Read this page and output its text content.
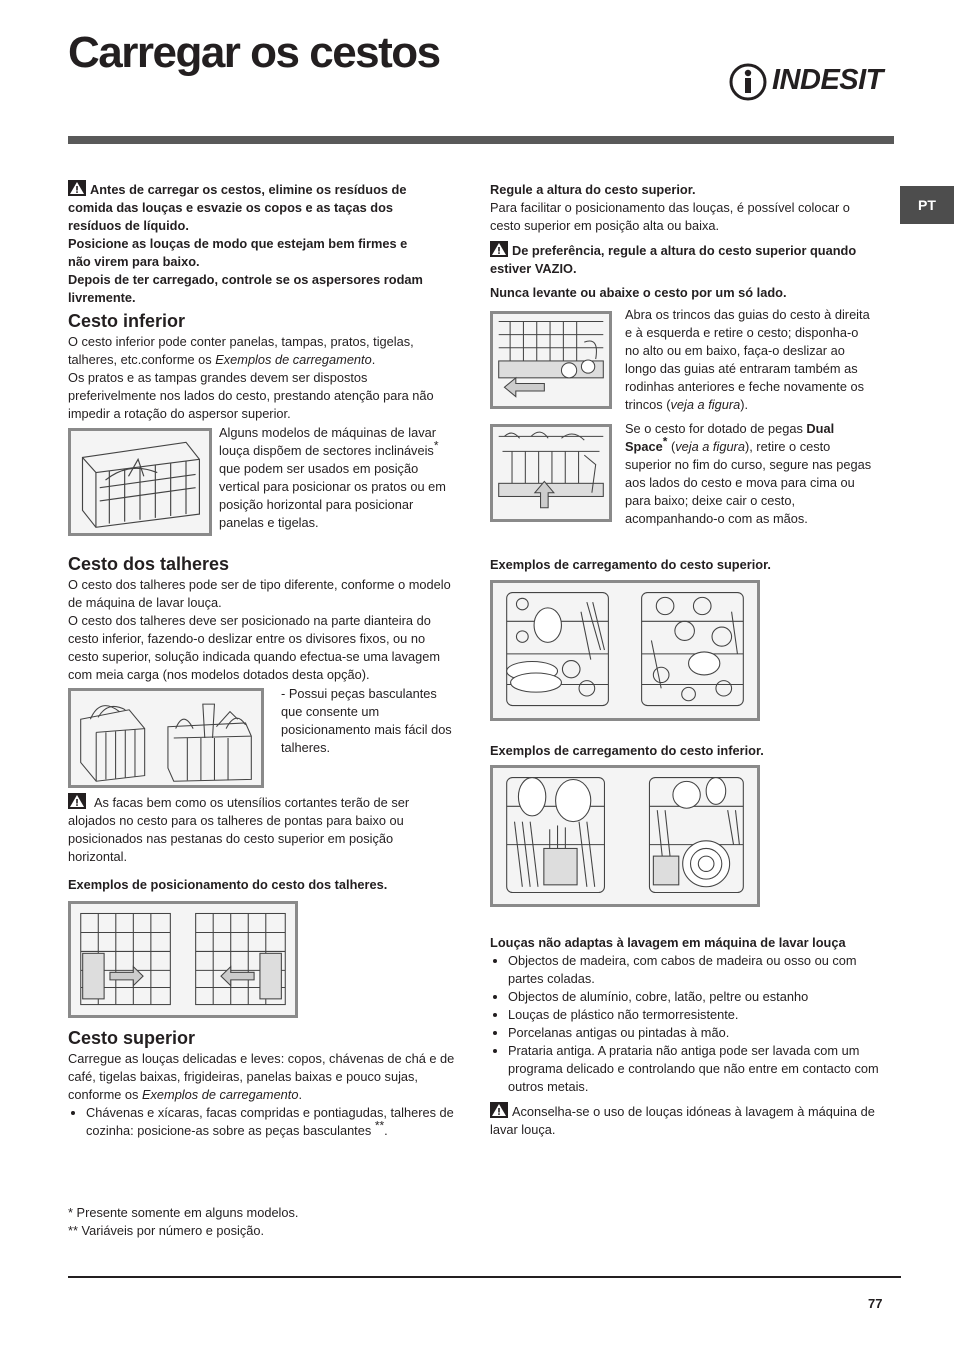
Carregar os cestos
INDESIT
PT

Antes de carregar os cestos, elimine os resíduos de comida das louças e esvazie os copos e as taças dos resíduos de líquido.

Posicione as louças de modo que estejam bem firmes e não virem para baixo.

Depois de ter carregado, controle se os aspersores rodam livremente.

Cesto inferior

O cesto inferior pode conter panelas, tampas, pratos, tigelas, talheres, etc.conforme os Exemplos de carregamento.

Os pratos e as tampas grandes devem ser dispostos preferivelmente nos lados do cesto, prestando atenção para não impedir a rotação do aspersor superior.

Alguns modelos de máquinas de lavar louça dispõem de sectores inclináveis* que podem ser usados em posição vertical para posicionar os pratos ou em posição horizontal para posicionar panelas e tigelas.

Cesto dos talheres

O cesto dos talheres pode ser de tipo diferente, conforme o modelo de máquina de lavar louça.

O cesto dos talheres deve ser posicionado na parte dianteira do cesto inferior, fazendo-o deslizar entre os divisores fixos, ou no cesto superior, solução indicada quando efectua-se uma lavagem com meia carga (nos modelos dotados desta opção).

- Possui peças basculantes que consente um posicionamento mais fácil dos talheres.

As facas bem como os utensílios cortantes terão de ser alojados no cesto para os talheres de pontas para baixo ou posicionados nas pestanas do cesto superior em posição horizontal.

Exemplos de posicionamento do cesto dos talheres.
Cesto superior

Carregue as louças delicadas e leves: copos, chávenas de chá e de café, tigelas baixas, frigideiras, panelas baixas e pouco sujas, conforme os Exemplos de carregamento.

• Chávenas e xícaras, facas compridas e pontiagudas, talheres de cozinha: posicione-as sobre as peças basculantes **.

* Presente somente em alguns modelos.

** Variáveis por número e posição.

Regule a altura do cesto superior.

Para facilitar o posicionamento das louças, é possível colocar o cesto superior em posição alta ou baixa.

De preferência, regule a altura do cesto superior quando estiver VAZIO.

Nunca levante ou abaixe o cesto por um só lado.

Abra os trincos das guias do cesto à direita e à esquerda e retire o cesto; disponha-o no alto ou em baixo, faça-o deslizar ao longo das guias até entraram também as rodinhas anteriores e feche novamente os trincos (veja a figura).

Se o cesto for dotado de pegas Dual Space* (veja a figura), retire o cesto superior no fim do curso, segure nas pegas aos lados do cesto e mova para cima ou para baixo; deixe cair o cesto, acompanhando-o com as mãos.

Exemplos de carregamento do cesto superior.
Exemplos de carregamento do cesto inferior.

Louças não adaptas à lavagem em máquina de lavar louça

• Objectos de madeira, com cabos de madeira ou osso ou com partes coladas.
• Objectos de alumínio, cobre, latão, peltre ou estanho
• Louças de plástico não termorresistente.
• Porcelanas antigas ou pintadas à mão.
• Prataria antiga. A prataria não antiga pode ser lavada com um programa delicado e controlando que não entre em contacto com outros metais.

Aconselha-se o uso de louças idóneas à lavagem à máquina de lavar louça.

77
